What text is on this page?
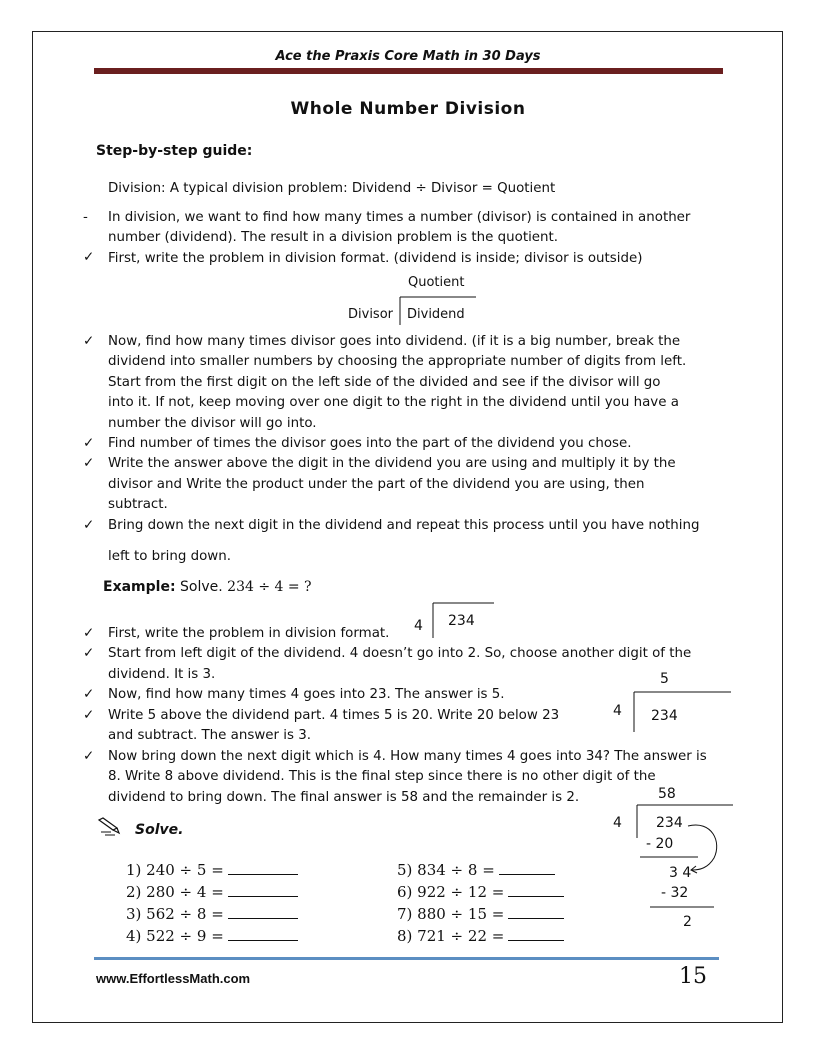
Ace the Praxis Core Math in 30 Days
Whole Number Division
Step-by-step guide:
Division: A typical division problem: Dividend ÷ Divisor = Quotient
- In division, we want to find how many times a number (divisor) is contained in another
number (dividend). The result in a division problem is the quotient.
✓ First, write the problem in division format. (dividend is inside; divisor is outside)
Quotient
Divisor Dividend
✓ Now, find how many times divisor goes into dividend. (if it is a big number, break the
dividend into smaller numbers by choosing the appropriate number of digits from left.
Start from the first digit on the left side of the divided and see if the divisor will go
into it. If not, keep moving over one digit to the right in the dividend until you have a
number the divisor will go into.
✓ Find number of times the divisor goes into the part of the dividend you chose.
✓ Write the answer above the digit in the dividend you are using and multiply it by the
divisor and Write the product under the part of the dividend you are using, then
subtract.
✓ Bring down the next digit in the dividend and repeat this process until you have nothing
left to bring down.
Example: Solve. 234 ÷ 4 = ?
✓ First, write the problem in division format.
✓ Start from left digit of the dividend. 4 doesn’t go into 2. So, choose another digit of the
dividend. It is 3.
✓ Now, find how many times 4 goes into 23. The answer is 5.
✓ Write 5 above the dividend part. 4 times 5 is 20. Write 20 below 23
and subtract. The answer is 3.
✓ Now bring down the next digit which is 4. How many times 4 goes into 34? The answer is
8. Write 8 above dividend. This is the final step since there is no other digit of the
dividend to bring down. The final answer is 58 and the remainder is 2.
4 234
5
4 234
58
4 234
- 20
3 4
- 32
2
Solve.
1) 240 ÷ 5 =
2) 280 ÷ 4 =
3) 562 ÷ 8 =
4) 522 ÷ 9 =
5) 834 ÷ 8 =
6) 922 ÷ 12 =
7) 880 ÷ 15 =
8) 721 ÷ 22 =
www.EffortlessMath.com	15
